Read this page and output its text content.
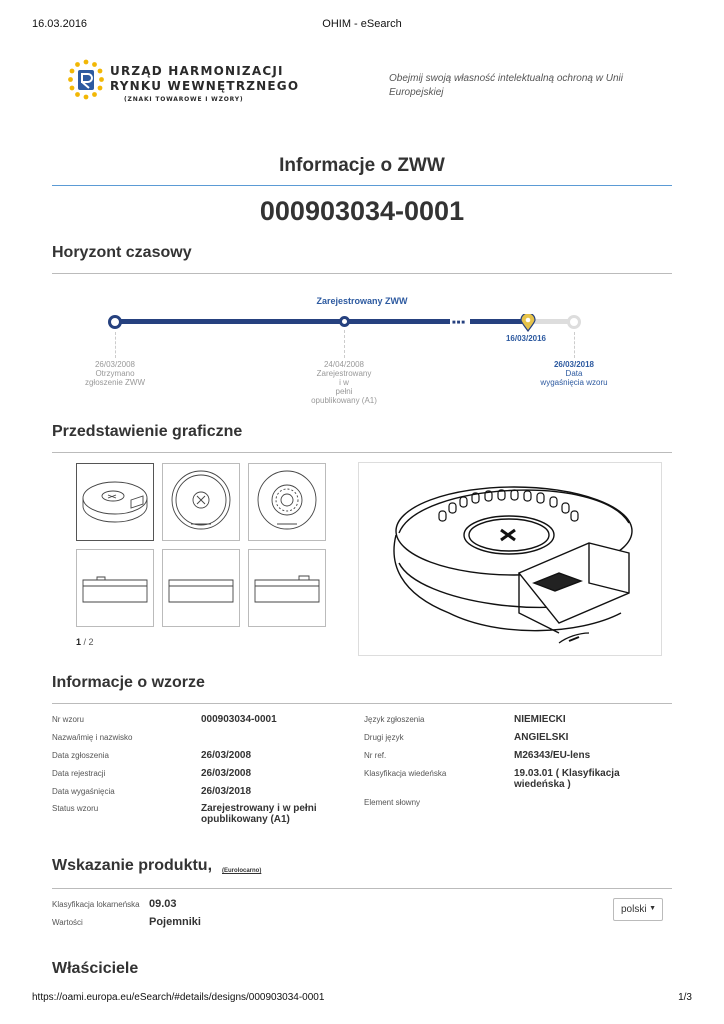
16.03.2016	OHIM - eSearch
URZĄD HARMONIZACJI
RYNKU WEWNĘTRZNEGO
(ZNAKI TOWAROWE I WZORY)
Obejmij swoją własność intelektualną ochroną w Unii Europejskiej
Informacje o ZWW
000903034-0001
Horyzont czasowy
Zarejestrowany ZWW
■■■
16/03/2016
26/03/2008
Otrzymano
zgłoszenie ZWW
24/04/2008
Zarejestrowany
i w
pełni
opublikowany (A1)
26/03/2018
Data
wygaśnięcia wzoru
Przedstawienie graficzne
1 / 2
Informacje o wzorze
Nr wzoru	000903034-0001
Nazwa/imię i nazwisko
Data zgłoszenia	26/03/2008
Data rejestracji	26/03/2008
Data wygaśnięcia	26/03/2018
Status wzoru	Zarejestrowany i w pełni
opublikowany (A1)
Język zgłoszenia	NIEMIECKI
Drugi język	ANGIELSKI
Nr ref.	M26343/EU-lens
Klasyfikacja wiedeńska	19.03.01 ( Klasyfikacja
wiedeńska )
Element słowny
Wskazanie produktu, (Eurolocarno)
Klasyfikacja lokarneńska 09.03
Wartości	Pojemniki
polski ▼
Właściciele
https://oami.europa.eu/eSearch/#details/designs/000903034-0001	1/3
